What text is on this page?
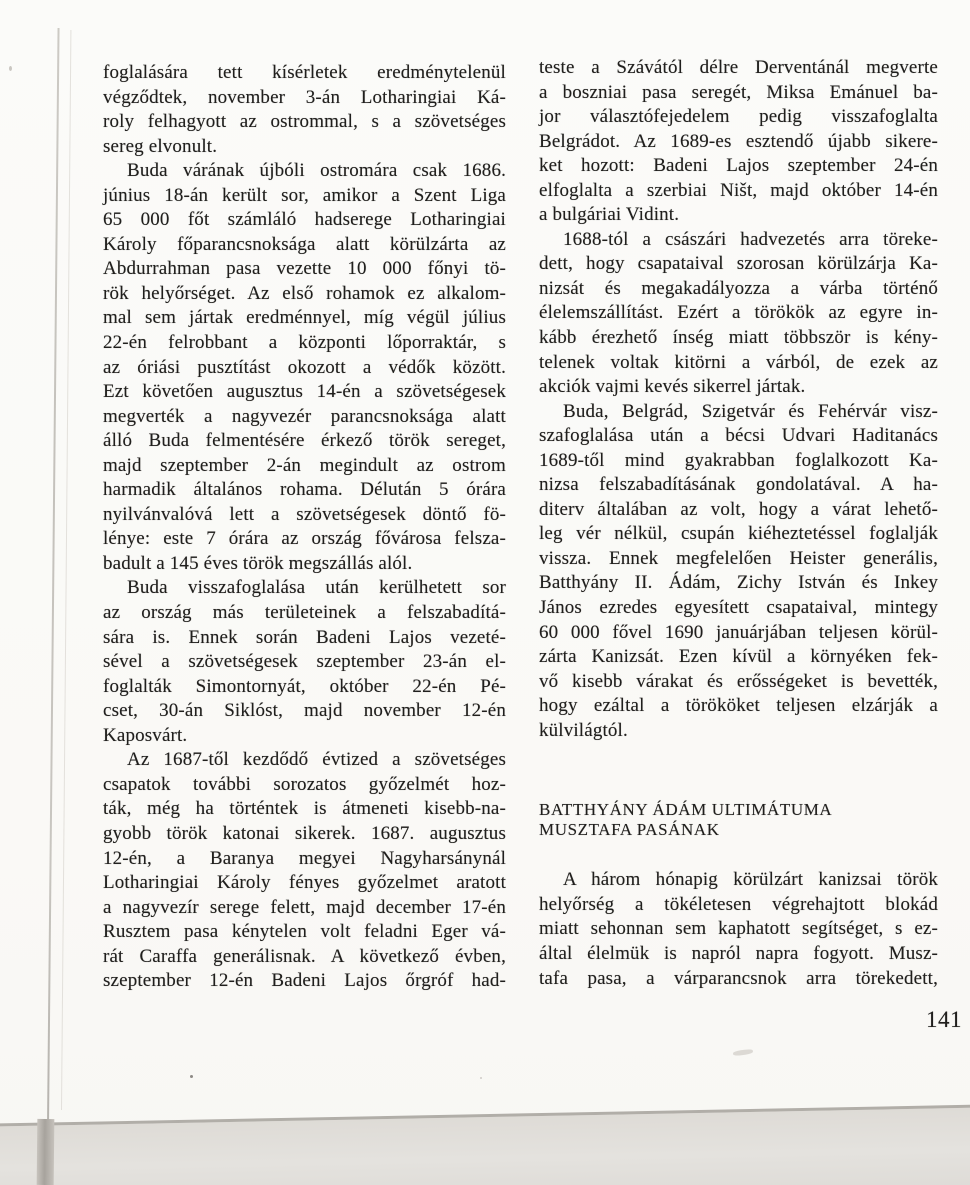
foglalására tett kísérletek eredménytelenül
végződtek, november 3-án Lotharingiai Ká-
roly felhagyott az ostrommal, s a szövetséges
sereg elvonult.
Buda várának újbóli ostromára csak 1686.
június 18-án került sor, amikor a Szent Liga
65 000 főt számláló hadserege Lotharingiai
Károly főparancsnoksága alatt körülzárta az
Abdurrahman pasa vezette 10 000 főnyi tö-
rök helyőrséget. Az első rohamok ez alkalom-
mal sem jártak eredménnyel, míg végül július
22-én felrobbant a központi lőporraktár, s
az óriási pusztítást okozott a védők között.
Ezt követően augusztus 14-én a szövetségesek
megverték a nagyvezér parancsnoksága alatt
álló Buda felmentésére érkező török sereget,
majd szeptember 2-án megindult az ostrom
harmadik általános rohama. Délután 5 órára
nyilvánvalóvá lett a szövetségesek döntő fö-
lénye: este 7 órára az ország fővárosa felsza-
badult a 145 éves török megszállás alól.
Buda visszafoglalása után kerülhetett sor
az ország más területeinek a felszabadítá-
sára is. Ennek során Badeni Lajos vezeté-
sével a szövetségesek szeptember 23-án el-
foglalták Simontornyát, október 22-én Pé-
cset, 30-án Siklóst, majd november 12-én
Kaposvárt.
Az 1687-től kezdődő évtized a szövetséges
csapatok további sorozatos győzelmét hoz-
ták, még ha történtek is átmeneti kisebb-na-
gyobb török katonai sikerek. 1687. augusztus
12-én, a Baranya megyei Nagyharsánynál
Lotharingiai Károly fényes győzelmet aratott
a nagyvezír serege felett, majd december 17-én
Rusztem pasa kénytelen volt feladni Eger vá-
rát Caraffa generálisnak. A következő évben,
szeptember 12-én Badeni Lajos őrgróf had-
teste a Szávától délre Derventánál megverte
a boszniai pasa seregét, Miksa Emánuel ba-
jor választófejedelem pedig visszafoglalta
Belgrádot. Az 1689-es esztendő újabb sikere-
ket hozott: Badeni Lajos szeptember 24-én
elfoglalta a szerbiai Ništ, majd október 14-én
a bulgáriai Vidint.
1688-tól a császári hadvezetés arra töreke-
dett, hogy csapataival szorosan körülzárja Ka-
nizsát és megakadályozza a várba történő
élelemszállítást. Ezért a törökök az egyre in-
kább érezhető ínség miatt többször is kény-
telenek voltak kitörni a várból, de ezek az
akciók vajmi kevés sikerrel jártak.
Buda, Belgrád, Szigetvár és Fehérvár visz-
szafoglalása után a bécsi Udvari Haditanács
1689-től mind gyakrabban foglalkozott Ka-
nizsa felszabadításának gondolatával. A ha-
diterv általában az volt, hogy a várat lehető-
leg vér nélkül, csupán kiéheztetéssel foglalják
vissza. Ennek megfelelően Heister generális,
Batthyány II. Ádám, Zichy István és Inkey
János ezredes egyesített csapataival, mintegy
60 000 fővel 1690 januárjában teljesen körül-
zárta Kanizsát. Ezen kívül a környéken fek-
vő kisebb várakat és erősségeket is bevették,
hogy ezáltal a törököket teljesen elzárják a
külvilágtól.
BATTHYÁNY ÁDÁM ULTIMÁTUMA
MUSZTAFA PASÁNAK
A három hónapig körülzárt kanizsai török
helyőrség a tökéletesen végrehajtott blokád
miatt sehonnan sem kaphatott segítséget, s ez-
által élelmük is napról napra fogyott. Musz-
tafa pasa, a várparancsnok arra törekedett,
141
